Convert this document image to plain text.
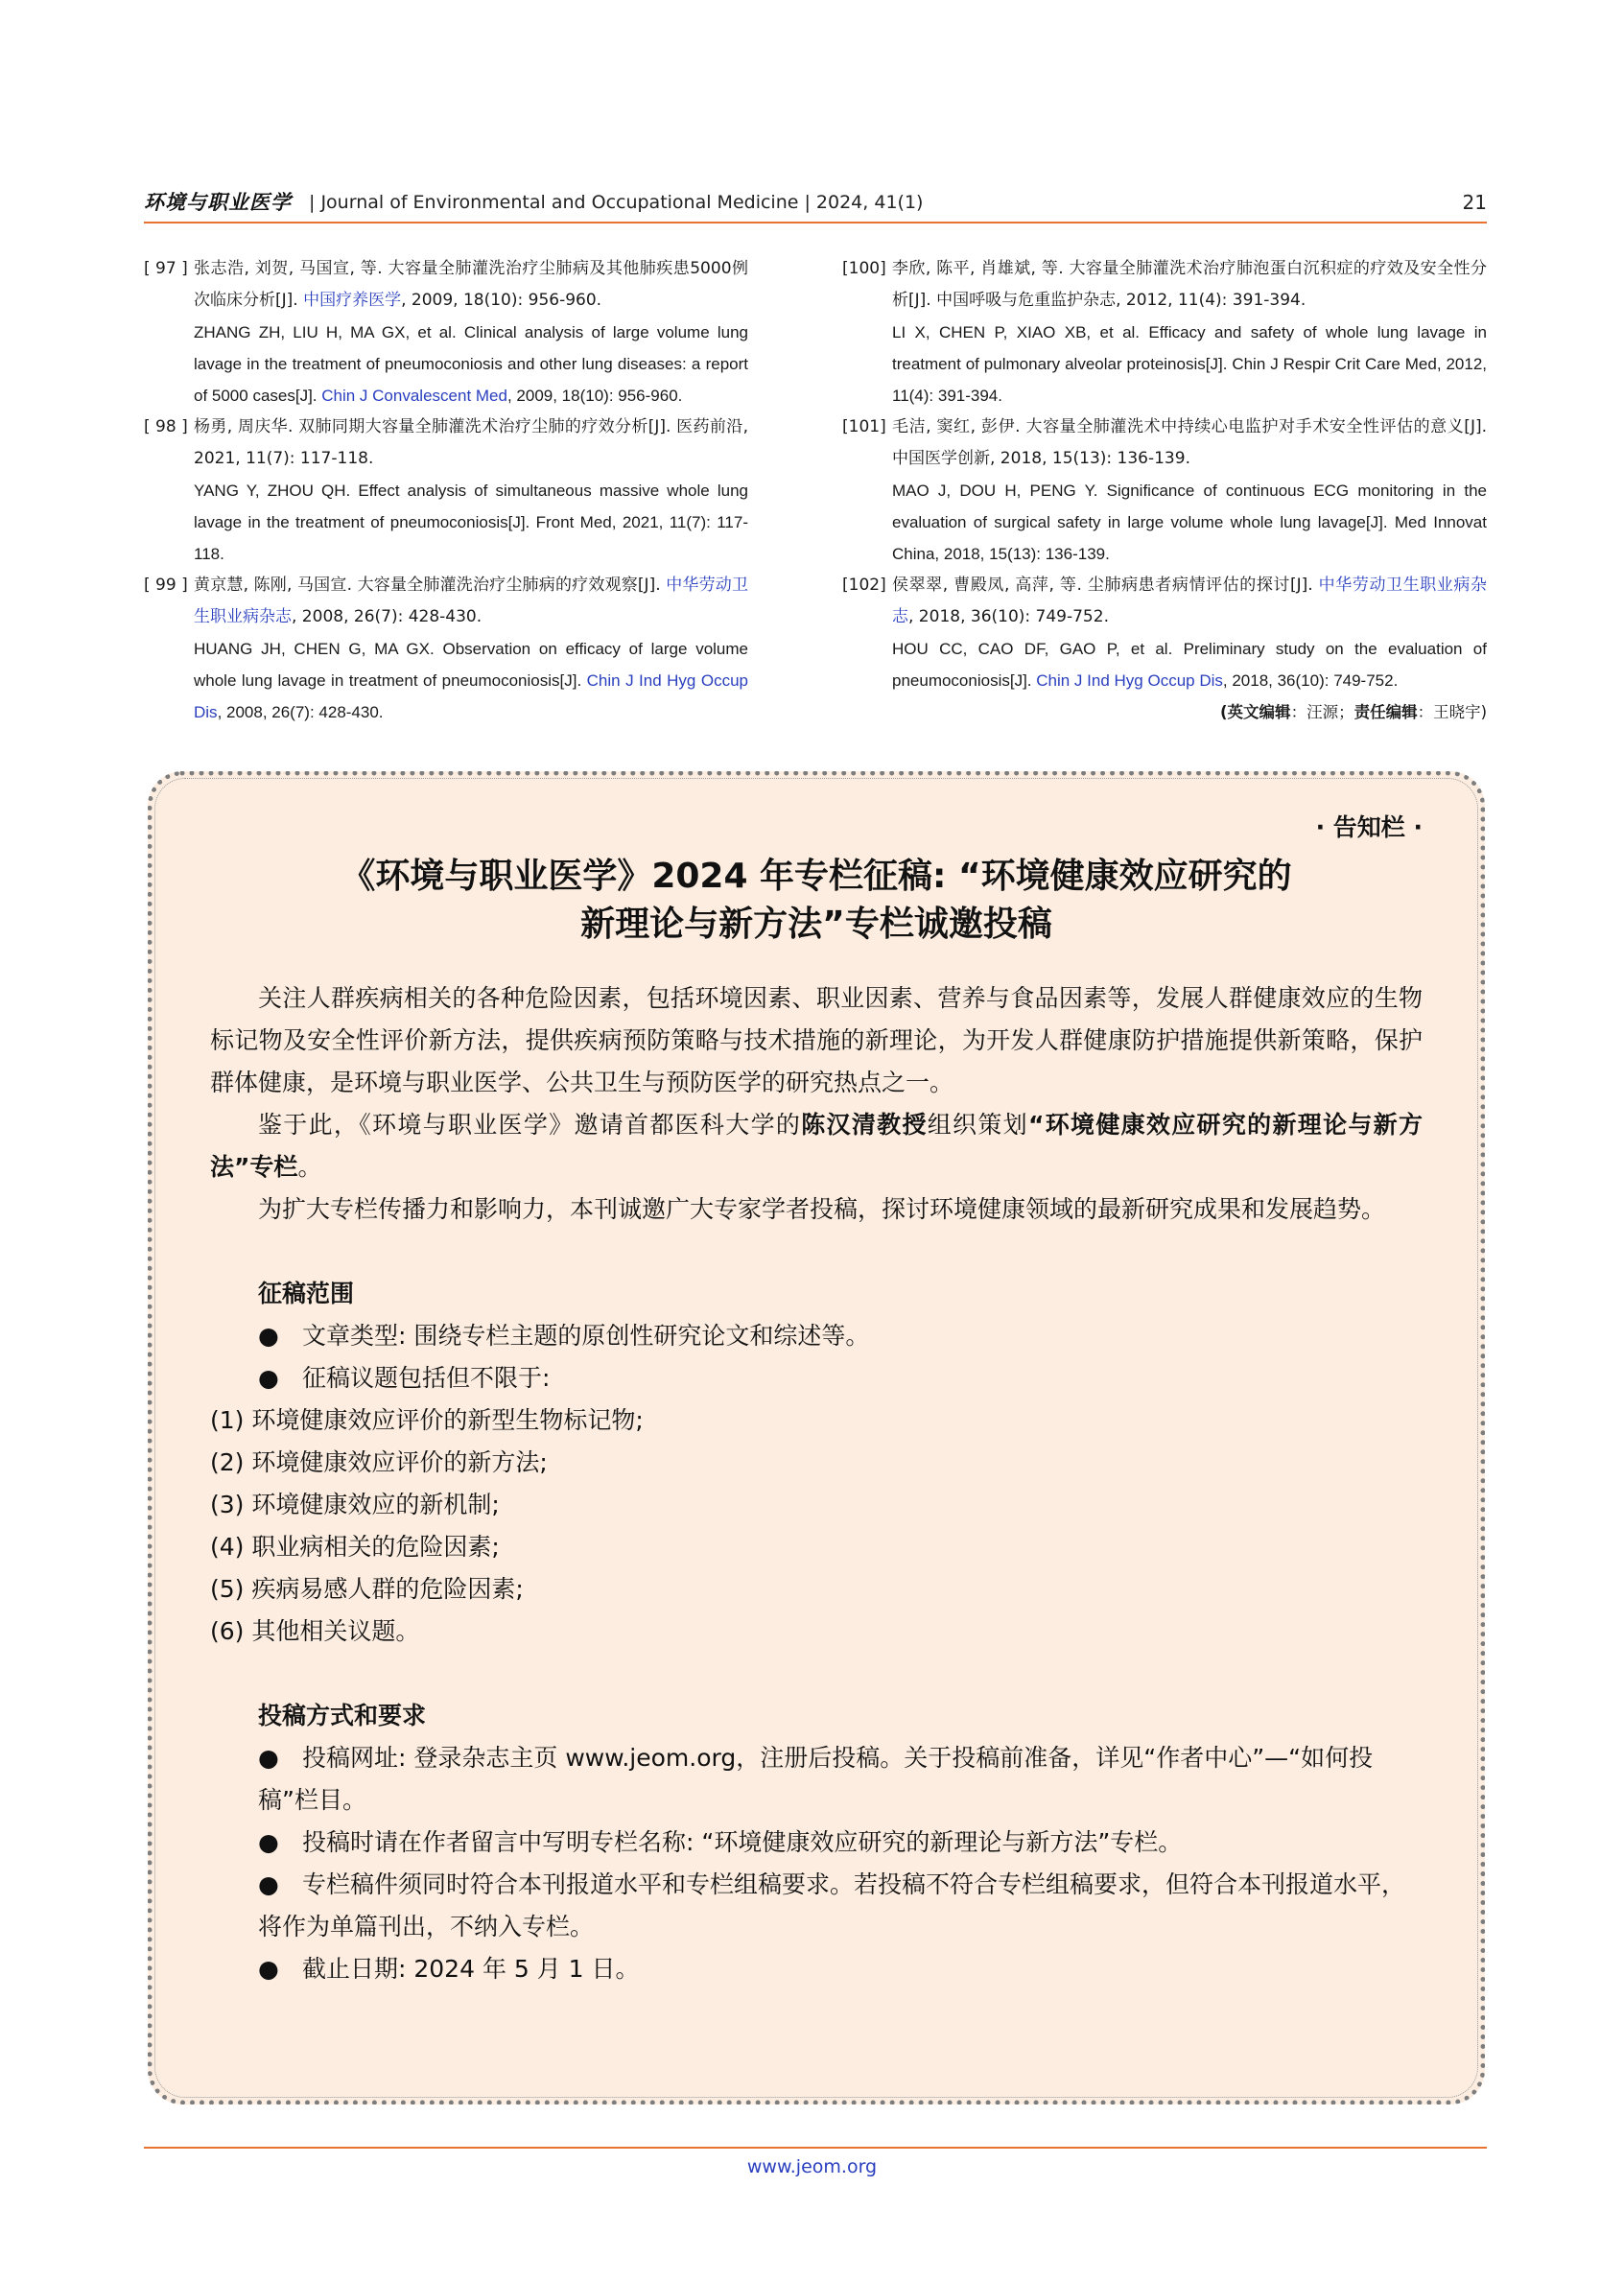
环境与职业医学 | Journal of Environmental and Occupational Medicine | 2024, 41(1)	21
[ 97 ] 张志浩, 刘贺, 马国宣, 等. 大容量全肺灌洗治疗尘肺病及其他肺疾患5000例次临床分析[J]. 中国疗养医学, 2009, 18(10): 956-960.
ZHANG ZH, LIU H, MA GX, et al. Clinical analysis of large volume lung lavage in the treatment of pneumoconiosis and other lung diseases: a report of 5000 cases[J]. Chin J Convalescent Med, 2009, 18(10): 956-960.
[ 98 ] 杨勇, 周庆华. 双肺同期大容量全肺灌洗术治疗尘肺的疗效分析[J]. 医药前沿, 2021, 11(7): 117-118.
YANG Y, ZHOU QH. Effect analysis of simultaneous massive whole lung lavage in the treatment of pneumoconiosis[J]. Front Med, 2021, 11(7): 117-118.
[ 99 ] 黄京慧, 陈刚, 马国宣. 大容量全肺灌洗治疗尘肺病的疗效观察[J]. 中华劳动卫生职业病杂志, 2008, 26(7): 428-430.
HUANG JH, CHEN G, MA GX. Observation on efficacy of large volume whole lung lavage in treatment of pneumoconiosis[J]. Chin J Ind Hyg Occup Dis, 2008, 26(7): 428-430.
[100] 李欣, 陈平, 肖雄斌, 等. 大容量全肺灌洗术治疗肺泡蛋白沉积症的疗效及安全性分析[J]. 中国呼吸与危重监护杂志, 2012, 11(4): 391-394.
LI X, CHEN P, XIAO XB, et al. Efficacy and safety of whole lung lavage in treatment of pulmonary alveolar proteinosis[J]. Chin J Respir Crit Care Med, 2012, 11(4): 391-394.
[101] 毛洁, 窦红, 彭伊. 大容量全肺灌洗术中持续心电监护对手术安全性评估的意义[J]. 中国医学创新, 2018, 15(13): 136-139.
MAO J, DOU H, PENG Y. Significance of continuous ECG monitoring in the evaluation of surgical safety in large volume whole lung lavage[J]. Med Innovat China, 2018, 15(13): 136-139.
[102] 侯翠翠, 曹殿凤, 高萍, 等. 尘肺病患者病情评估的探讨[J]. 中华劳动卫生职业病杂志, 2018, 36(10): 749-752.
HOU CC, CAO DF, GAO P, et al. Preliminary study on the evaluation of pneumoconiosis[J]. Chin J Ind Hyg Occup Dis, 2018, 36(10): 749-752.
(英文编辑：汪源；责任编辑：王晓宇)
· 告知栏 ·
《环境与职业医学》2024 年专栏征稿: “环境健康效应研究的
新理论与新方法”专栏诚邀投稿
关注人群疾病相关的各种危险因素，包括环境因素、职业因素、营养与食品因素等，发展人群健康效应的生物标记物及安全性评价新方法，提供疾病预防策略与技术措施的新理论，为开发人群健康防护措施提供新策略，保护群体健康，是环境与职业医学、公共卫生与预防医学的研究热点之一。
鉴于此，《环境与职业医学》邀请首都医科大学的陈汉清教授组织策划“环境健康效应研究的新理论与新方法”专栏。
为扩大专栏传播力和影响力，本刊诚邀广大专家学者投稿，探讨环境健康领域的最新研究成果和发展趋势。
征稿范围
● 文章类型: 围绕专栏主题的原创性研究论文和综述等。
● 征稿议题包括但不限于:
(1) 环境健康效应评价的新型生物标记物;
(2) 环境健康效应评价的新方法;
(3) 环境健康效应的新机制;
(4) 职业病相关的危险因素;
(5) 疾病易感人群的危险因素;
(6) 其他相关议题。
投稿方式和要求
● 投稿网址: 登录杂志主页 www.jeom.org，注册后投稿。关于投稿前准备，详见“作者中心”—“如何投稿”栏目。
● 投稿时请在作者留言中写明专栏名称: “环境健康效应研究的新理论与新方法”专栏。
● 专栏稿件须同时符合本刊报道水平和专栏组稿要求。若投稿不符合专栏组稿要求，但符合本刊报道水平，将作为单篇刊出，不纳入专栏。
● 截止日期: 2024 年 5 月 1 日。
www.jeom.org
